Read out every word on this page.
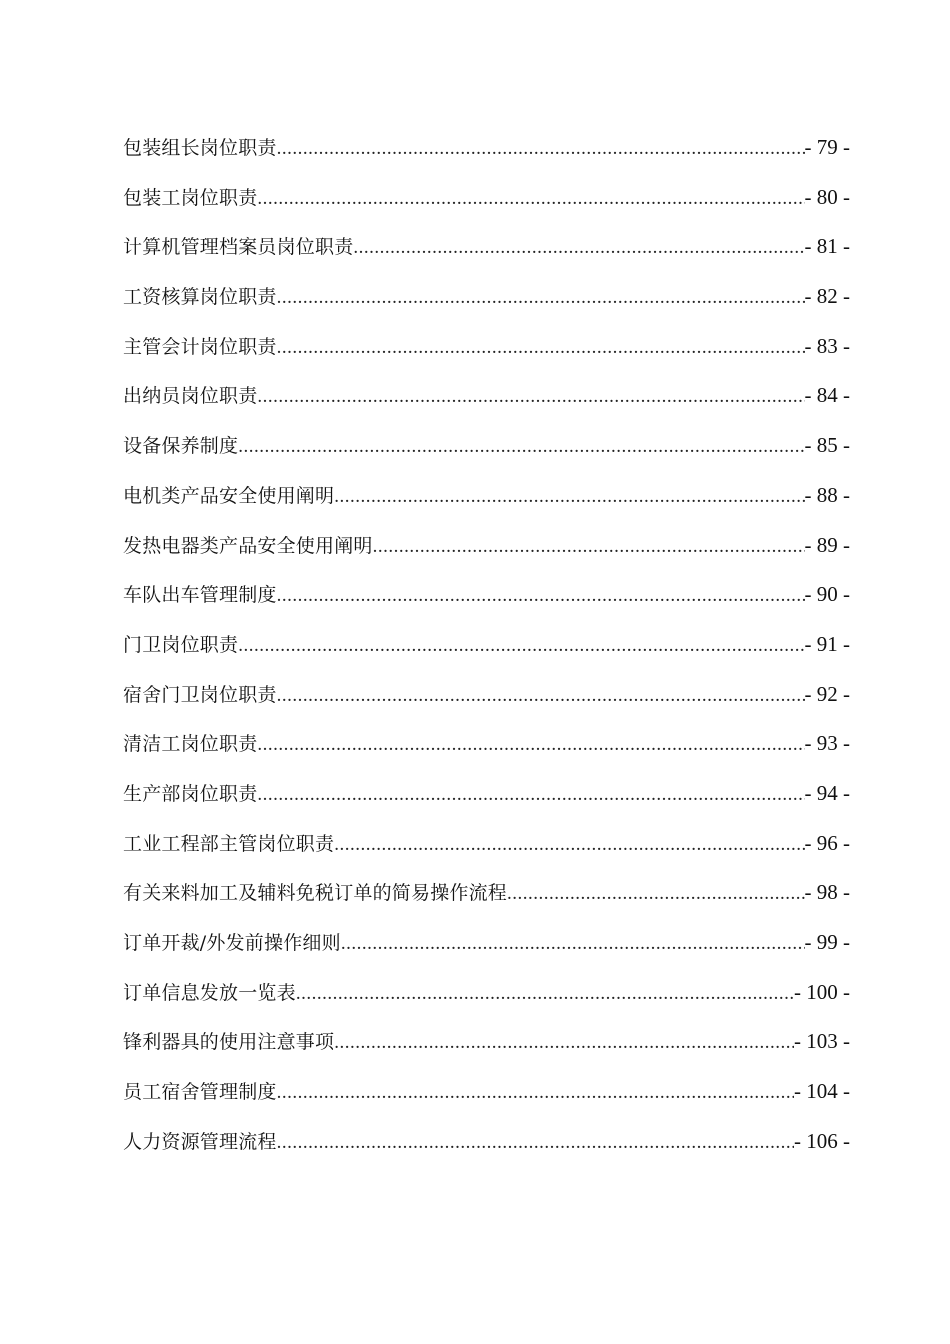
包装组长岗位职责 .....	- 79 -
包装工岗位职责 .....	- 80 -
计算机管理档案员岗位职责 .....	- 81 -
工资核算岗位职责 .....	- 82 -
主管会计岗位职责 .....	- 83 -
出纳员岗位职责 .....	- 84 -
设备保养制度 .....	- 85 -
电机类产品安全使用阐明 .....	- 88 -
发热电器类产品安全使用阐明 .....	- 89 -
车队出车管理制度 .....	- 90 -
门卫岗位职责 .....	- 91 -
宿舍门卫岗位职责 .....	- 92 -
清洁工岗位职责 .....	- 93 -
生产部岗位职责 .....	- 94 -
工业工程部主管岗位职责 .....	- 96 -
有关来料加工及辅料免税订单的简易操作流程 .....	- 98 -
订单开裁/外发前操作细则 .....	- 99 -
订单信息发放一览表 .....	- 100 -
锋利器具的使用注意事项 .....	- 103 -
员工宿舍管理制度 .....	- 104 -
人力资源管理流程 .....	- 106 -
